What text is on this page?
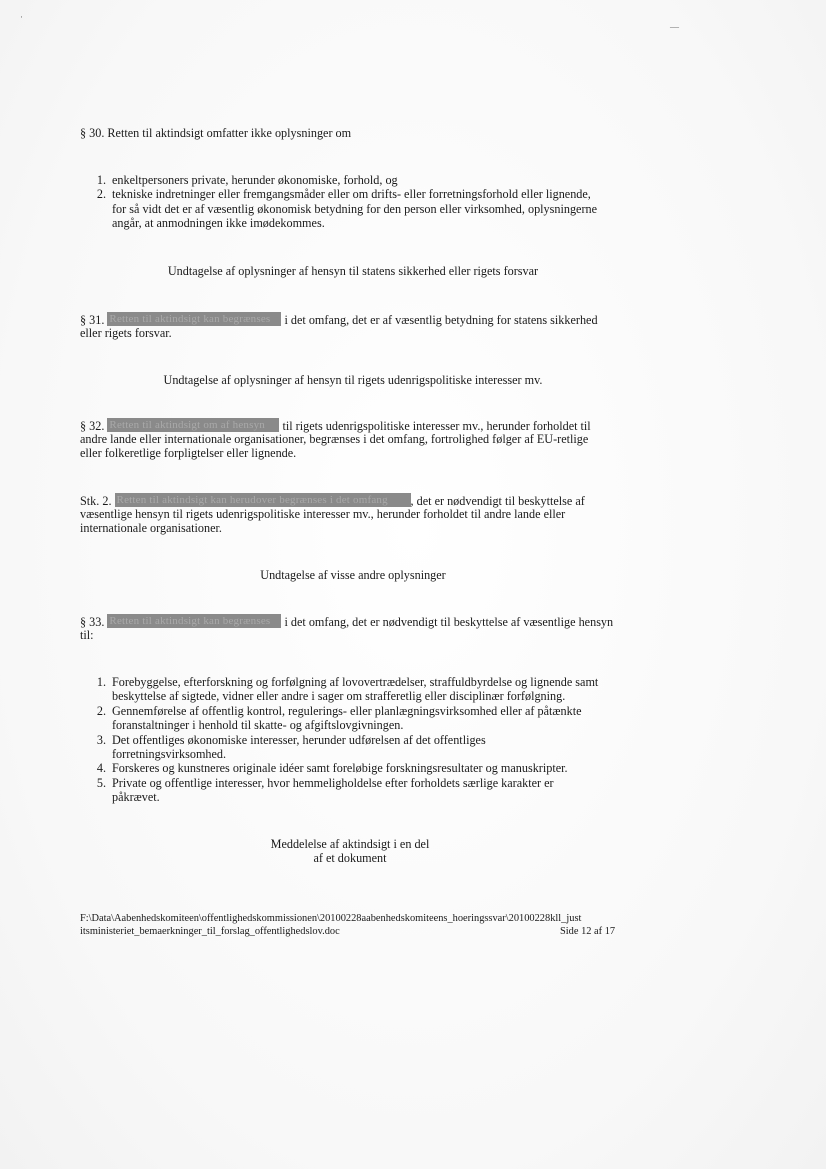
·
—
§ 30. Retten til aktindsigt omfatter ikke oplysninger om
1. enkeltpersoners private, herunder økonomiske, forhold, og
2. tekniske indretninger eller fremgangsmåder eller om drifts- eller forretningsforhold eller lignende,
for så vidt det er af væsentlig økonomisk betydning for den person eller virksomhed, oplysningerne
angår, at anmodningen ikke imødekommes.
Undtagelse af oplysninger af hensyn til statens sikkerhed eller rigets forsvar
§ 31. Retten til aktindsigt kan begrænses i det omfang, det er af væsentlig betydning for statens sikkerhed
eller rigets forsvar.
Undtagelse af oplysninger af hensyn til rigets udenrigspolitiske interesser mv.
§ 32. Retten til aktindsigt om af hensyn til rigets udenrigspolitiske interesser mv., herunder forholdet til
andre lande eller internationale organisationer, begrænses i det omfang, fortrolighed følger af EU-retlige
eller folkeretlige forpligtelser eller lignende.
Stk. 2. Retten til aktindsigt kan herudover begrænses i det omfang , det er nødvendigt til beskyttelse af
væsentlige hensyn til rigets udenrigspolitiske interesser mv., herunder forholdet til andre lande eller
internationale organisationer.
Undtagelse af visse andre oplysninger
§ 33. Retten til aktindsigt kan begrænses i det omfang, det er nødvendigt til beskyttelse af væsentlige hensyn
til:
1. Forebyggelse, efterforskning og forfølgning af lovovertrædelser, straffuldbyrdelse og lignende samt
beskyttelse af sigtede, vidner eller andre i sager om strafferetlig eller disciplinær forfølgning.
2. Gennemførelse af offentlig kontrol, regulerings- eller planlægningsvirksomhed eller af påtænkte
foranstaltninger i henhold til skatte- og afgiftslovgivningen.
3. Det offentliges økonomiske interesser, herunder udførelsen af det offentliges
forretningsvirksomhed.
4. Forskeres og kunstneres originale idéer samt foreløbige forskningsresultater og manuskripter.
5. Private og offentlige interesser, hvor hemmeligholdelse efter forholdets særlige karakter er
påkrævet.
Meddelelse af aktindsigt i en del
af et dokument
F:\Data\Aabenhedskomiteen\offentlighedskommissionen\20100228aabenhedskomiteens_hoeringssvar\20100228kll_just
itsministeriet_bemaerkninger_til_forslag_offentlighedslov.doc	Side 12 af 17
